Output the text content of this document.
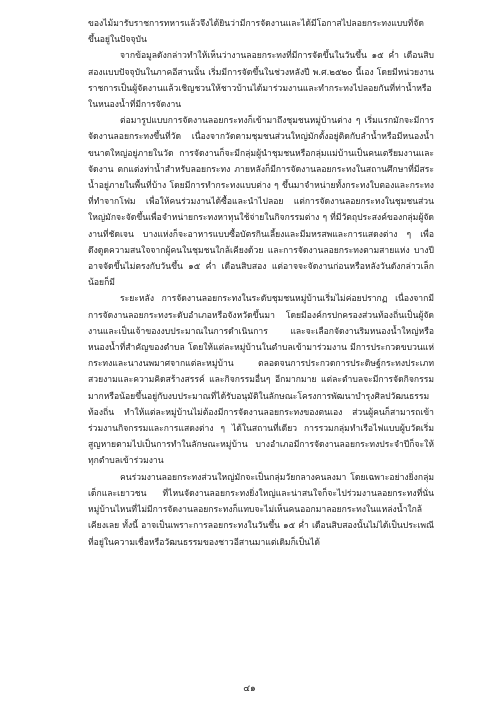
ของไม้มารับราชการทหารแล้วจึงได้ยินว่ามีการจัดงานและได้มีโอกาสไปลอยกระทงแบบที่จัดขึ้นอยู่ในปัจจุบัน

จากข้อมูลดังกล่าวทำให้เห็นว่างานลอยกระทงที่มีการจัดขึ้นในวันขึ้น ๑๕ ค่ำ เดือนสิบสองแบบปัจจุบันในภาคอีสานนั้น เริ่มมีการจัดขึ้นในช่วงหลังปี พ.ศ.๒๕๒๐ นี้เอง โดยมีหน่วยงานราชการเป็นผู้จัดงานแล้วเชิญชวนให้ชาวบ้านได้มาร่วมงานและทำกระทงไปลอยกันที่ท่าน้ำหรือในหนองน้ำที่มีการจัดงาน

ต่อมารูปแบบการจัดงานลอยกระทงก็เข้ามาถึงชุมชนหมู่บ้านต่าง ๆ เริ่มแรกมักจะมีการจัดงานลอยกระทงขึ้นที่วัด เนื่องจากวัดตามชุมชนส่วนใหญ่มักตั้งอยู่ติดกับลำน้ำหรือมีหนองน้ำขนาดใหญ่อยู่ภายในวัด การจัดงานก็จะมีกลุ่มผู้นำชุมชนหรือกลุ่มแม่บ้านเป็นคนเตรียมงานและจัดงาน ตกแต่งท่าน้ำสำหรับลอยกระทง ภายหลังก็มีการจัดงานลอยกระทงในสถานศึกษาที่มีสระน้ำอยู่ภายในพื้นที่บ้าง โดยมีการทำกระทงแบบต่าง ๆ ขึ้นมาจำหน่ายทั้งกระทงใบตองและกระทงที่ทำจากโฟม เพื่อให้คนร่วมงานได้ซื้อและนำไปลอย แต่การจัดงานลอยกระทงในชุมชนส่วนใหญ่มักจะจัดขึ้นเพื่อจำหน่ายกระทงหาทุนใช้จ่ายในกิจกรรมต่าง ๆ ที่มีวัตถุประสงค์ของกลุ่มผู้จัดงานที่ชัดเจน บางแห่งก็จะอาหารแบบซื้อบัตรกินเลี้ยงและมีมหรสพและการแสดงต่าง ๆ เพื่อดึงดูดความสนใจจากผู้คนในชุมชนใกล้เคียงด้วย และการจัดงานลอยกระทงตามสายแห่ง บางปีอาจจัดขึ้นไม่ตรงกับวันขึ้น ๑๕ ค่ำ เดือนสิบสอง แต่อาจจะจัดงานก่อนหรือหลังวันดังกล่าวเล็กน้อยก็มี

ระยะหลัง การจัดงานลอยกระทงในระดับชุมชนหมู่บ้านเริ่มไม่ค่อยปรากฏ เนื่องจากมีการจัดงานลอยกระทงระดับอำเภอหรือจังหวัดขึ้นมา โดยมีองค์กรปกครองส่วนท้องถิ่นเป็นผู้จัดงานและเป็นเจ้าของงบประมาณในการดำเนินการ และจะเลือกจัดงานริมหนองน้ำใหญ่หรือหนองน้ำที่สำคัญของตำบล โดยให้แต่ละหมู่บ้านในตำบลเข้ามาร่วมงาน มีการประกวดขบวนแห่กระทงและนางนพมาศจากแต่ละหมู่บ้าน ตลอดจนการประกวดการประดิษฐ์กระทงประเภทสวยงามและความคิดสร้างสรรค์ และกิจกรรมอื่นๆ อีกมากมาย แต่ละตำบลจะมีการจัดกิจกรรมมากหรือน้อยขึ้นอยู่กับงบประมาณที่ได้รับอนุมัติในลักษณะโครงการพัฒนาบำรุงศิลปวัฒนธรรมท้องถิ่น ทำให้แต่ละหมู่บ้านไม่ต้องมีการจัดงานลอยกระทงของตนเอง ส่วนผู้คนก็สามารถเข้าร่วมงานกิจกรรมและการแสดงต่าง ๆ ได้ในสถานที่เดียว การรวมกลุ่มทำเรือไฟแบบผู้บวัดเริ่มสูญหายตามไปเป็นการทำในลักษณะหมู่บ้าน บางอำเภอมีการจัดงานลอยกระทงประจำปีก็จะให้ทุกตำบลเข้าร่วมงาน

คนร่วมงานลอยกระทงส่วนใหญ่มักจะเป็นกลุ่มวัยกลางคนลงมา โดยเฉพาะอย่างยิ่งกลุ่มเด็กและเยาวชน ที่ไหนจัดงานลอยกระทงยิ่งใหญ่และน่าสนใจก็จะไปร่วมงานลอยกระทงที่นั่น หมู่บ้านไหนที่ไม่มีการจัดงานลอยกระทงก็แทบจะไม่เห็นคนออกมาลอยกระทงในแหล่งน้ำใกล้เคียงเลย ทั้งนี้ อาจเป็นเพราะการลอยกระทงในวันขึ้น ๑๕ ค่ำ เดือนสิบสองนั้นไม่ได้เป็นประเพณีที่อยู่ในความเชื่อหรือวัฒนธรรมของชาวอีสานมาแต่เดิมก็เป็นได้

๔๑
